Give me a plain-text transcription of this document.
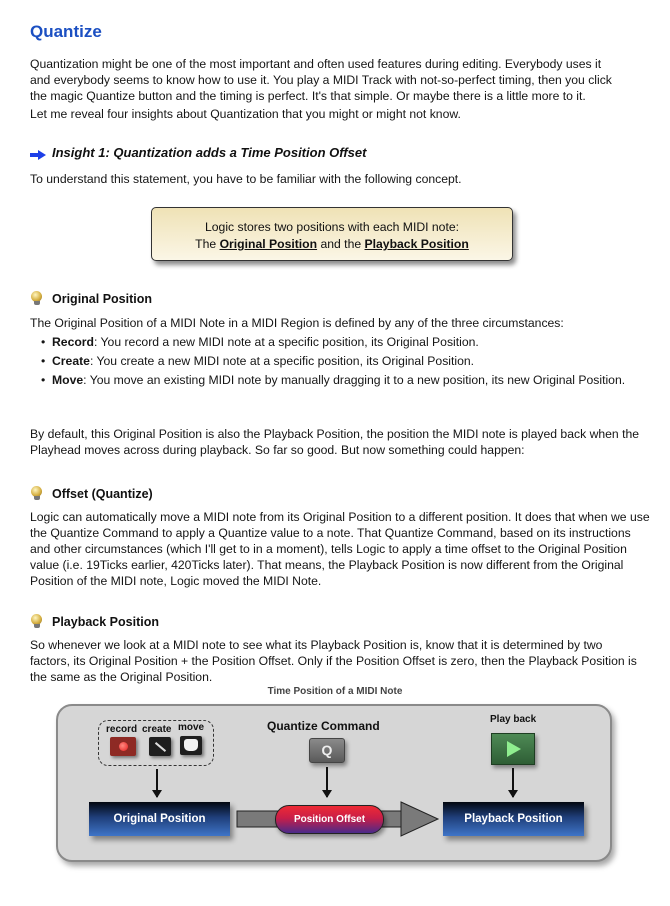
Quantize
Quantization might be one of the most important and often used features during editing. Everybody uses it
and everybody seems to know how to use it. You play a MIDI Track with not-so-perfect timing, then you click
the magic Quantize button and the timing is perfect. It's that simple. Or maybe there is a little more to it.
Let me reveal four insights about Quantization that you might or might not know.
Insight 1: Quantization adds a Time Position Offset
To understand this statement, you have to be familiar with the following concept.
Logic stores two positions with each MIDI note:
The Original Position and the Playback Position
Original Position
The Original Position of a MIDI Note in a MIDI Region is defined by any of the three circumstances:
• Record: You record a new MIDI note at a specific position, its Original Position.
• Create: You create a new MIDI note at a specific position, its Original Position.
• Move: You move an existing MIDI note by manually dragging it to a new position, its new Original Position.
By default, this Original Position is also the Playback Position, the position the MIDI note is played back when the Playhead moves across during playback. So far so good. But now something could happen:
Offset (Quantize)
Logic can automatically move a MIDI note from its Original Position to a different position. It does that when we use the Quantize Command to apply a Quantize value to a note. That Quantize Command, based on its instructions and other circumstances (which I'll get to in a moment), tells Logic to apply a time offset to the Original Position value (i.e. 19Ticks earlier, 420Ticks later). That means, the Playback Position is now different from the Original Position of the MIDI note, Logic moved the MIDI Note.
Playback Position
So whenever we look at a MIDI note to see what its Playback Position is, know that it is determined by two factors, its Original Position + the Position Offset. Only if the Position Offset is zero, then the Playback Position is the same as the Original Position.
Time Position of a MIDI Note
record create move	Quantize Command
Q
Play back
Original Position	Position Offset	Playback Position
